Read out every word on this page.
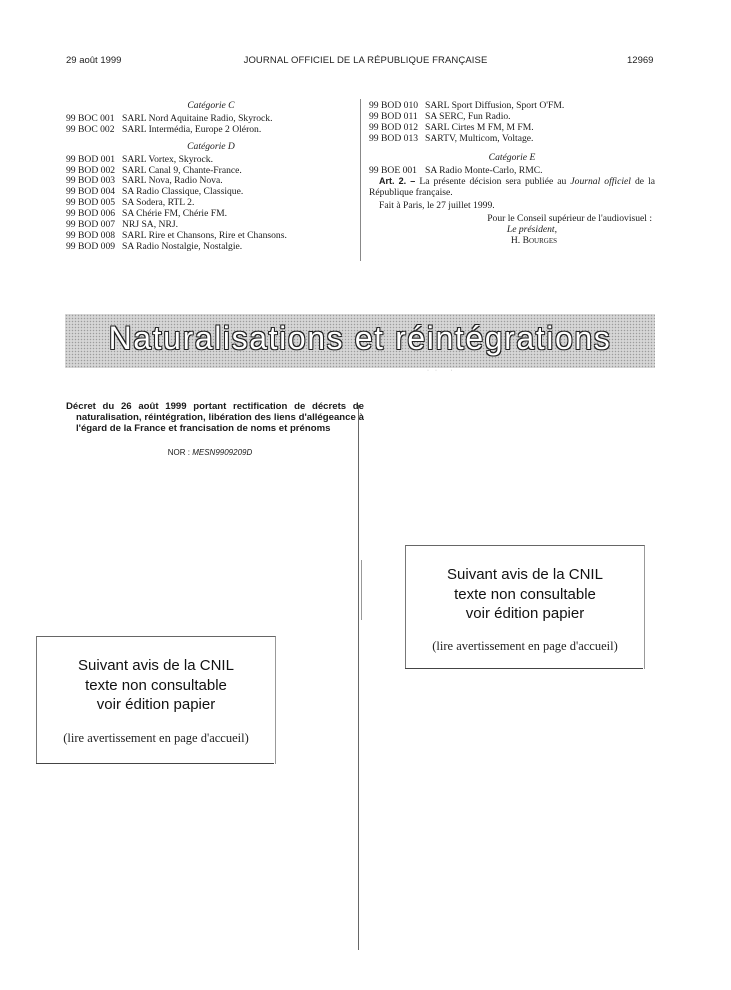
29 août 1999	JOURNAL OFFICIEL DE LA RÉPUBLIQUE FRANÇAISE	12969

Catégorie C

99 BOC 001 SARL Nord Aquitaine Radio, Skyrock.

99 BOC 002 SARL Intermédia, Europe 2 Oléron.

Catégorie D

99 BOD 001 SARL Vortex, Skyrock.

99 BOD 002 SARL Canal 9, Chante-France.

99 BOD 003 SARL Nova, Radio Nova.

99 BOD 004 SA Radio Classique, Classique.

99 BOD 005 SA Sodera, RTL 2.

99 BOD 006 SA Chérie FM, Chérie FM.

99 BOD 007 NRJ SA, NRJ.

99 BOD 008 SARL Rire et Chansons, Rire et Chansons.

99 BOD 009 SA Radio Nostalgie, Nostalgie.

99 BOD 010 SARL Sport Diffusion, Sport O'FM.

99 BOD 011 SA SERC, Fun Radio.

99 BOD 012 SARL Cirtes M FM, M FM.

99 BOD 013 SARTV, Multicom, Voltage.

Catégorie E

99 BOE 001 SA Radio Monte-Carlo, RMC.

Art. 2. – La présente décision sera publiée au Journal officiel de la République française.

Fait à Paris, le 27 juillet 1999.

Pour le Conseil supérieur de l'audiovisuel :

Le président,

H. Bourges

Naturalisations et réintégrations
·· ·

Décret du 26 août 1999 portant rectification de décrets de naturalisation, réintégration, libération des liens d'allégeance à l'égard de la France et francisation de noms et prénoms

NOR : MESN9909209D

Suivant avis de la CNIL

texte non consultable

voir édition papier

(lire avertissement en page d'accueil)

Suivant avis de la CNIL

texte non consultable

voir édition papier

(lire avertissement en page d'accueil)
